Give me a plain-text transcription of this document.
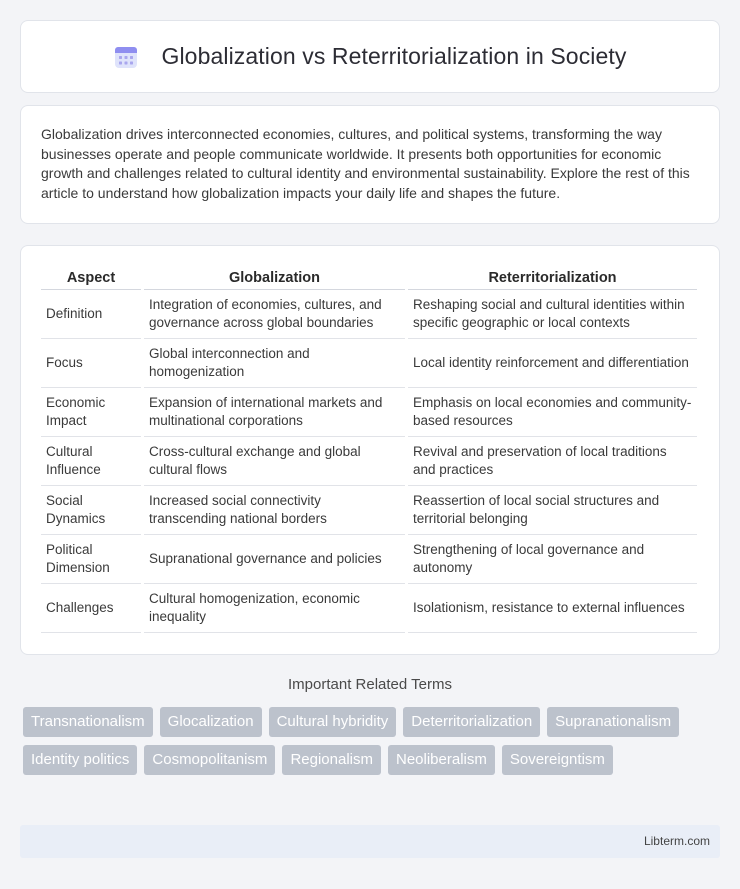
Globalization vs Reterritorialization in Society

Globalization drives interconnected economies, cultures, and political systems, transforming the way businesses operate and people communicate worldwide. It presents both opportunities for economic growth and challenges related to cultural identity and environmental sustainability. Explore the rest of this article to understand how globalization impacts your daily life and shapes the future.

Aspect	Globalization	Reterritorialization
Definition	Integration of economies, cultures, and governance across global boundaries	Reshaping social and cultural identities within specific geographic or local contexts
Focus	Global interconnection and homogenization	Local identity reinforcement and differentiation
Economic Impact	Expansion of international markets and multinational corporations	Emphasis on local economies and community-based resources
Cultural Influence	Cross-cultural exchange and global cultural flows	Revival and preservation of local traditions and practices
Social Dynamics	Increased social connectivity transcending national borders	Reassertion of local social structures and territorial belonging
Political Dimension	Supranational governance and policies	Strengthening of local governance and autonomy
Challenges	Cultural homogenization, economic inequality	Isolationism, resistance to external influences
Important Related Terms
Transnationalism	Glocalization	Cultural hybridity	Deterritorialization	Supranationalism
Identity politics	Cosmopolitanism	Regionalism	Neoliberalism	Sovereigntism
Libterm.com
